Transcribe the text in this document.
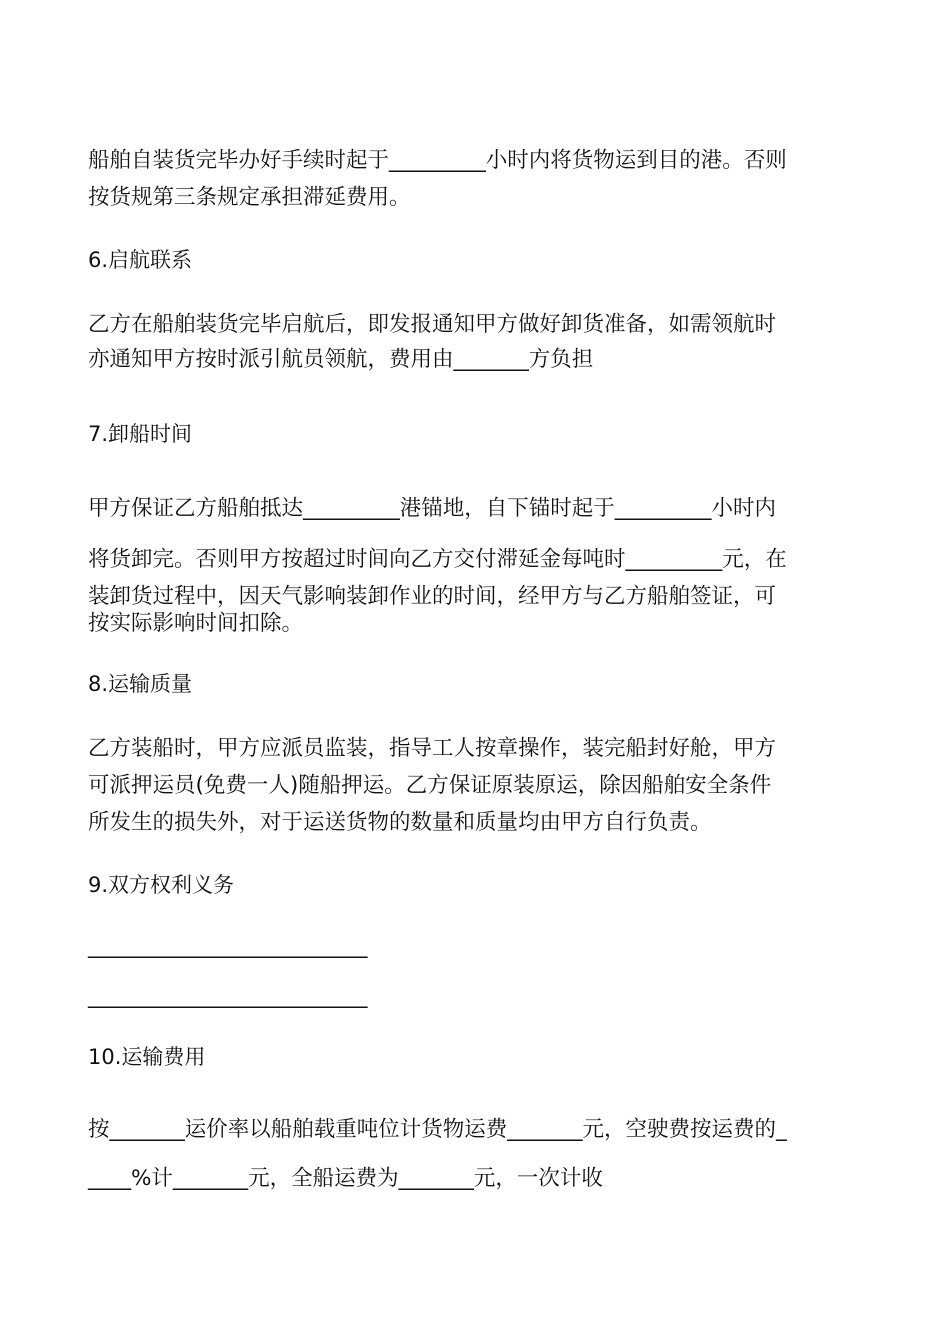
船舶自装货完毕办好手续时起于_________小时内将货物运到目的港。否则
按货规第三条规定承担滞延费用。
6.启航联系
乙方在船舶装货完毕启航后，即发报通知甲方做好卸货准备，如需领航时
亦通知甲方按时派引航员领航，费用由_______方负担
7.卸船时间
甲方保证乙方船舶抵达_________港锚地，自下锚时起于_________小时内
将货卸完。否则甲方按超过时间向乙方交付滞延金每吨时_________元，在
装卸货过程中，因天气影响装卸作业的时间，经甲方与乙方船舶签证，可
按实际影响时间扣除。
8.运输质量
乙方装船时，甲方应派员监装，指导工人按章操作，装完船封好舱，甲方
可派押运员(免费一人)随船押运。乙方保证原装原运，除因船舶安全条件
所发生的损失外，对于运送货物的数量和质量均由甲方自行负责。
9.双方权利义务
__________________________
__________________________
10.运输费用
按_______运价率以船舶载重吨位计货物运费_______元，空驶费按运费的_
____%计_______元，全船运费为_______元，一次计收
